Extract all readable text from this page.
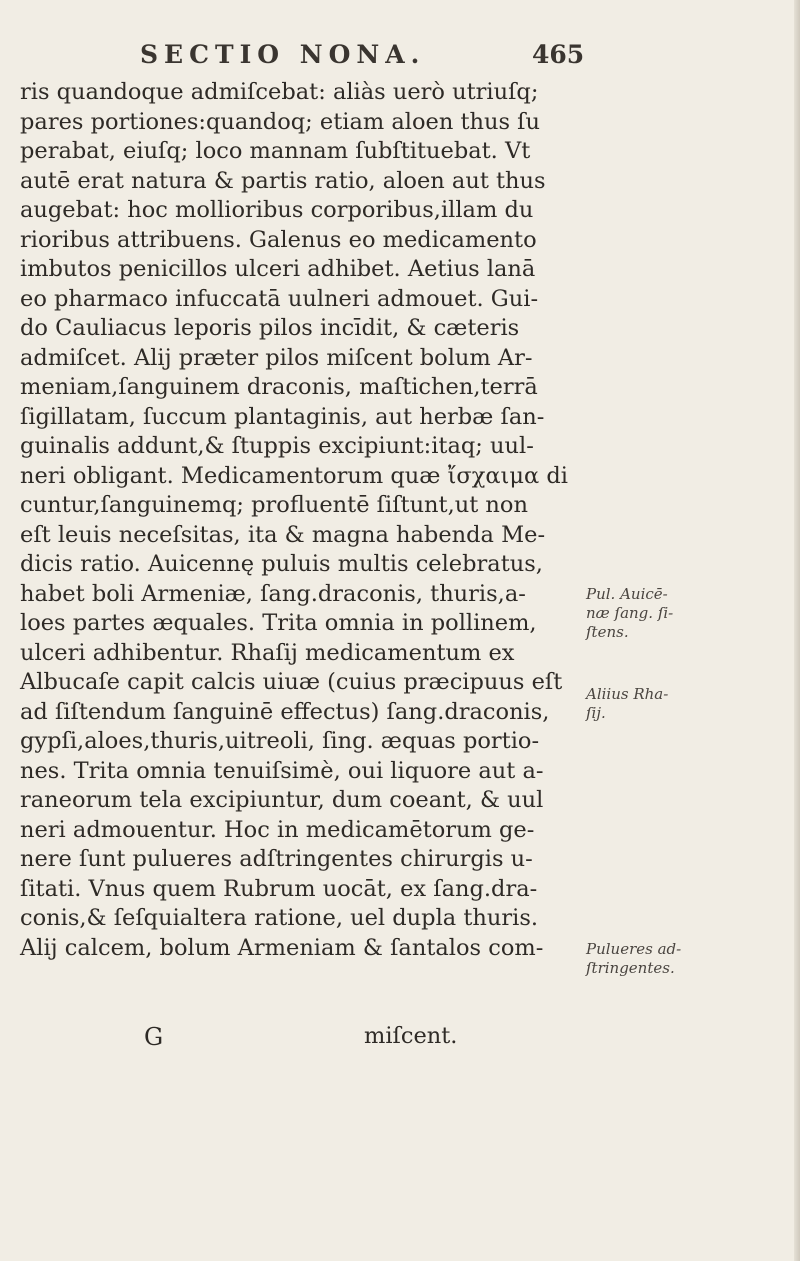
SECTIO NONA.	465
ris quandoque admiſcebat: aliàs uerò utriuſq;
pares portiones:quandoq; etiam aloen thus ſu
perabat, eiuſq; loco mannam ſubſtituebat. Vt
autē erat natura & partis ratio, aloen aut thus
augebat: hoc mollioribus corporibus,illam du
rioribus attribuens. Galenus eo medicamento
imbutos penicillos ulceri adhibet. Aetius lanā
eo pharmaco infuccatā uulneri admouet. Gui-
do Cauliacus leporis pilos incīdit, & cæteris
admiſcet. Alij præter pilos miſcent bolum Ar-
meniam,ſanguinem draconis, maſtichen,terrā
ſigillatam, ſuccum plantaginis, aut herbæ ſan-
guinalis addunt,& ſtuppis excipiunt:itaq; uul-
neri obligant. Medicamentorum quæ ἴσχαιμα di
cuntur,ſanguinemq; profluentē ſiſtunt,ut non
eſt leuis neceſsitas, ita & magna habenda Me-
dicis ratio. Auicennę puluis multis celebratus,
habet boli Armeniæ, ſang.draconis, thuris,a-
loes partes æquales. Trita omnia in pollinem,
ulceri adhibentur. Rhaſij medicamentum ex
Albucaſe capit calcis uiuæ (cuius præcipuus eſt
ad ſiſtendum ſanguinē effectus) ſang.draconis,
gypſi,aloes,thuris,uitreoli, ſing. æquas portio-
nes. Trita omnia tenuiſsimè, oui liquore aut a-
raneorum tela excipiuntur, dum coeant, & uul
neri admouentur. Hoc in medicamētorum ge-
nere ſunt pulueres adſtringentes chirurgis u-
ſitati. Vnus quem Rubrum uocāt, ex ſang.dra-
conis,& ſeſquialtera ratione, uel dupla thuris.
Alij calcem, bolum Armeniam & ſantalos com-
G	miſcent.
Pul. Auicē-
næ ſang. ſi-
ſtens.
Aliius Rha-
ſij.
Pulueres ad-
ſtringentes.
